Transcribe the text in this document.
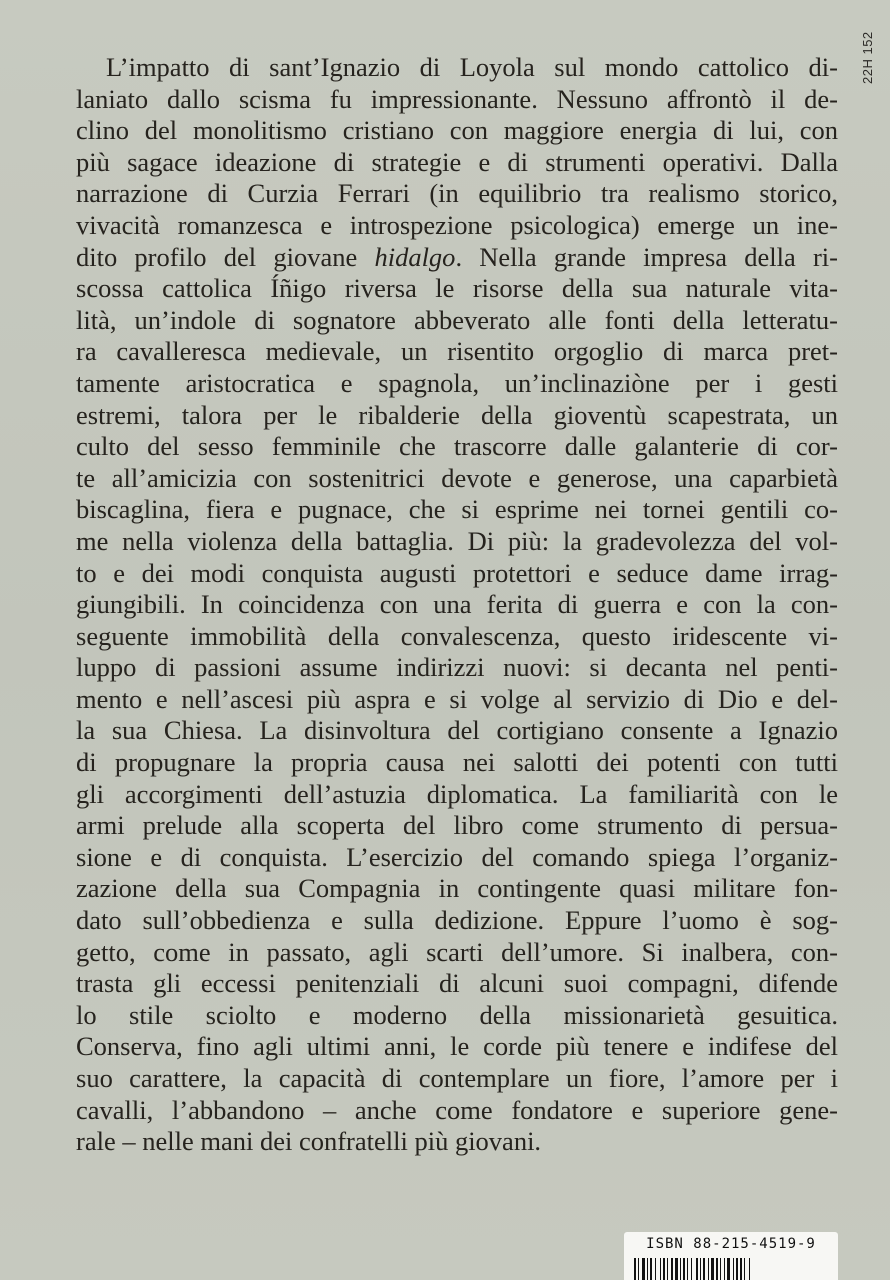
22H 152
L’impatto di sant’Ignazio di Loyola sul mondo cattolico di-
laniato dallo scisma fu impressionante. Nessuno affrontò il de-
clino del monolitismo cristiano con maggiore energia di lui, con
più sagace ideazione di strategie e di strumenti operativi. Dalla
narrazione di Curzia Ferrari (in equilibrio tra realismo storico,
vivacità romanzesca e introspezione psicologica) emerge un ine-
dito profilo del giovane hidalgo. Nella grande impresa della ri-
scossa cattolica Íñigo riversa le risorse della sua naturale vita-
lità, un’indole di sognatore abbeverato alle fonti della letteratu-
ra cavalleresca medievale, un risentito orgoglio di marca pret-
tamente aristocratica e spagnola, un’inclinaziòne per i gesti
estremi, talora per le ribalderie della gioventù scapestrata, un
culto del sesso femminile che trascorre dalle galanterie di cor-
te all’amicizia con sostenitrici devote e generose, una caparbietà
biscaglina, fiera e pugnace, che si esprime nei tornei gentili co-
me nella violenza della battaglia. Di più: la gradevolezza del vol-
to e dei modi conquista augusti protettori e seduce dame irrag-
giungibili. In coincidenza con una ferita di guerra e con la con-
seguente immobilità della convalescenza, questo iridescente vi-
luppo di passioni assume indirizzi nuovi: si decanta nel penti-
mento e nell’ascesi più aspra e si volge al servizio di Dio e del-
la sua Chiesa. La disinvoltura del cortigiano consente a Ignazio
di propugnare la propria causa nei salotti dei potenti con tutti
gli accorgimenti dell’astuzia diplomatica. La familiarità con le
armi prelude alla scoperta del libro come strumento di persua-
sione e di conquista. L’esercizio del comando spiega l’organiz-
zazione della sua Compagnia in contingente quasi militare fon-
dato sull’obbedienza e sulla dedizione. Eppure l’uomo è sog-
getto, come in passato, agli scarti dell’umore. Si inalbera, con-
trasta gli eccessi penitenziali di alcuni suoi compagni, difende
lo stile sciolto e moderno della missionarietà gesuitica.
Conserva, fino agli ultimi anni, le corde più tenere e indifese del
suo carattere, la capacità di contemplare un fiore, l’amore per i
cavalli, l’abbandono – anche come fondatore e superiore gene-
rale – nelle mani dei confratelli più giovani.
ISBN 88-215-4519-9
